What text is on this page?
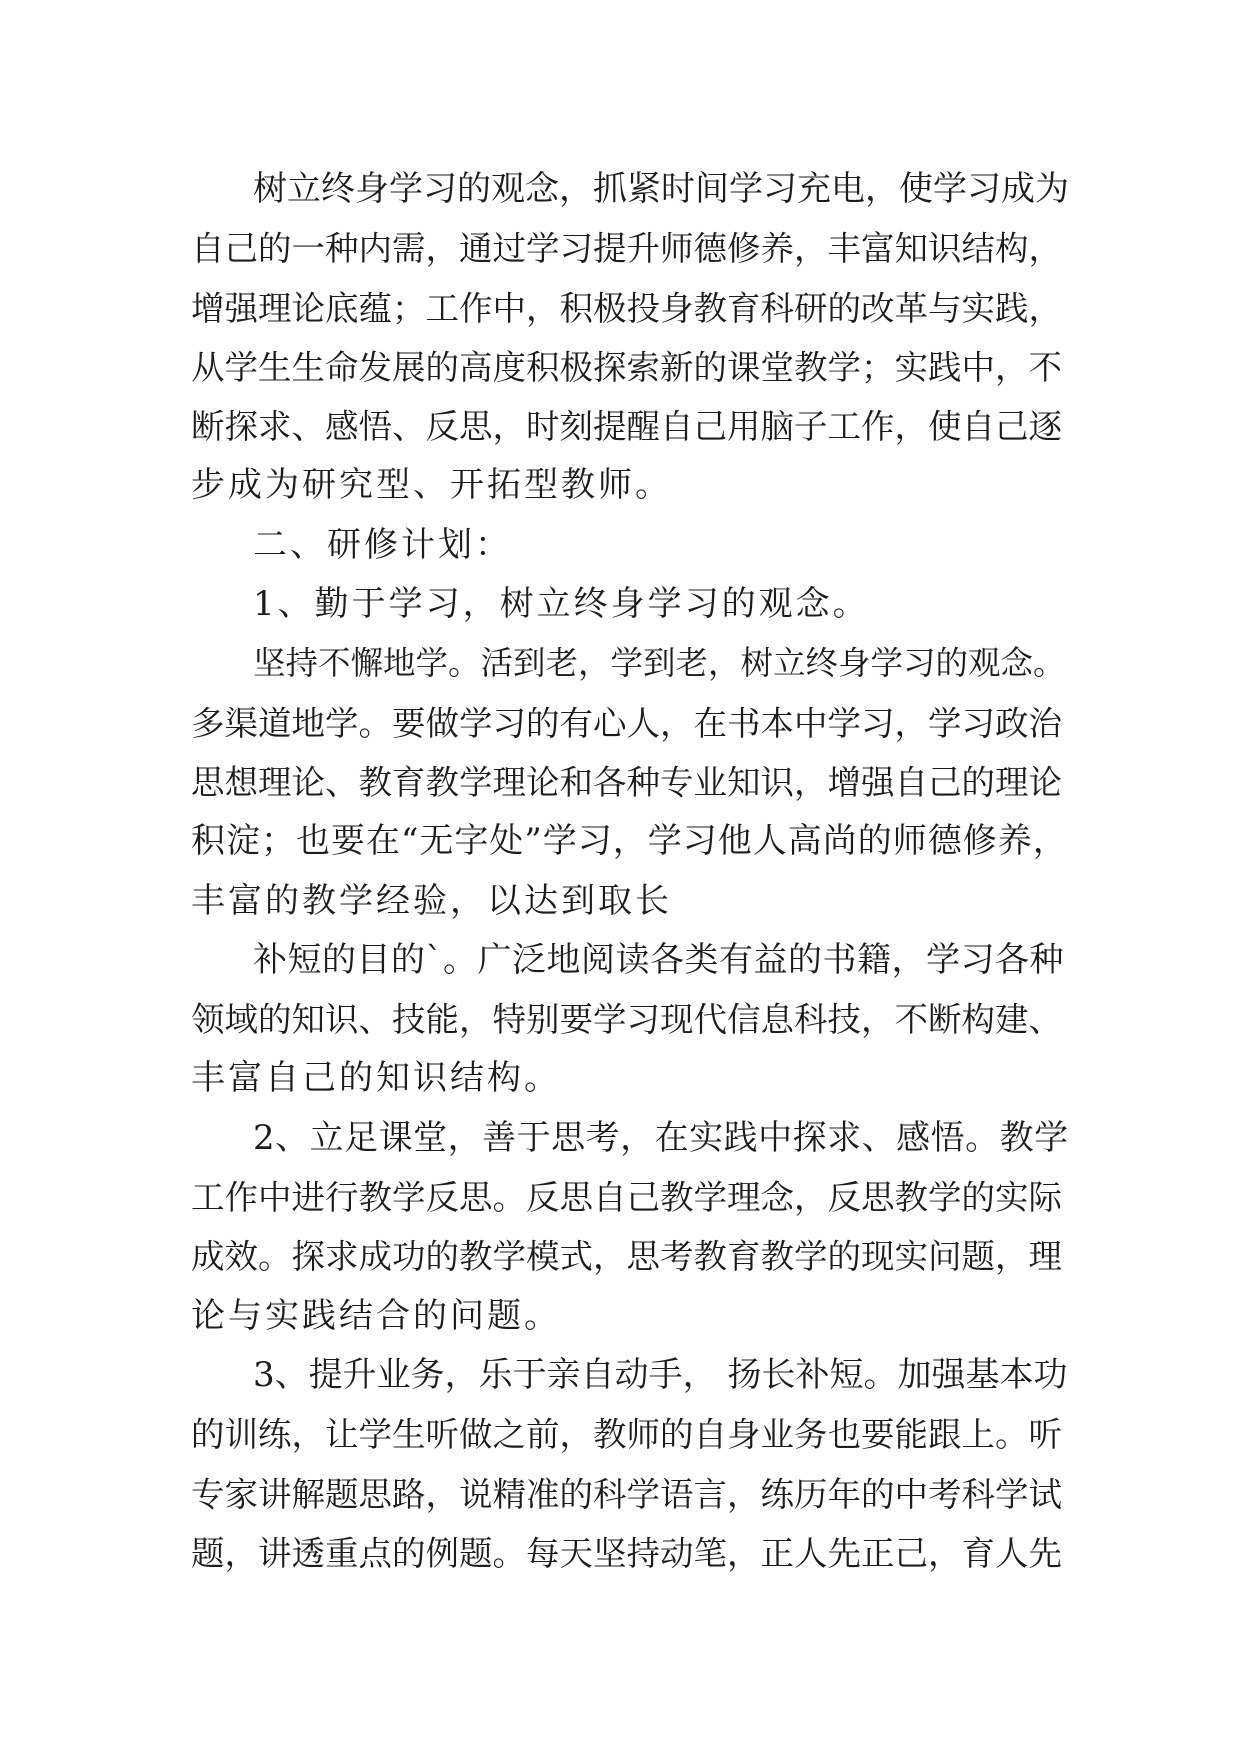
树立终身学习的观念，抓紧时间学习充电，使学习成为

自己的一种内需，通过学习提升师德修养，丰富知识结构，

增强理论底蕴；工作中，积极投身教育科研的改革与实践，

从学生生命发展的高度积极探索新的课堂教学；实践中，不

断探求、感悟、反思，时刻提醒自己用脑子工作，使自己逐

步成为研究型、开拓型教师。

二、研修计划：

1、勤于学习，树立终身学习的观念。

坚持不懈地学。活到老，学到老，树立终身学习的观念。

多渠道地学。要做学习的有心人，在书本中学习，学习政治

思想理论、教育教学理论和各种专业知识，增强自己的理论

积淀；也要在“无字处”学习，学习他人高尚的师德修养，

丰富的教学经验，以达到取长

补短的目的`。广泛地阅读各类有益的书籍，学习各种

领域的知识、技能，特别要学习现代信息科技，不断构建、

丰富自己的知识结构。

2、立足课堂，善于思考，在实践中探求、感悟。教学

工作中进行教学反思。反思自己教学理念，反思教学的实际

成效。探求成功的教学模式，思考教育教学的现实问题，理

论与实践结合的问题。

3、提升业务，乐于亲自动手， 扬长补短。加强基本功

的训练，让学生听做之前，教师的自身业务也要能跟上。听

专家讲解题思路，说精准的科学语言，练历年的中考科学试

题，讲透重点的例题。每天坚持动笔，正人先正己，育人先
